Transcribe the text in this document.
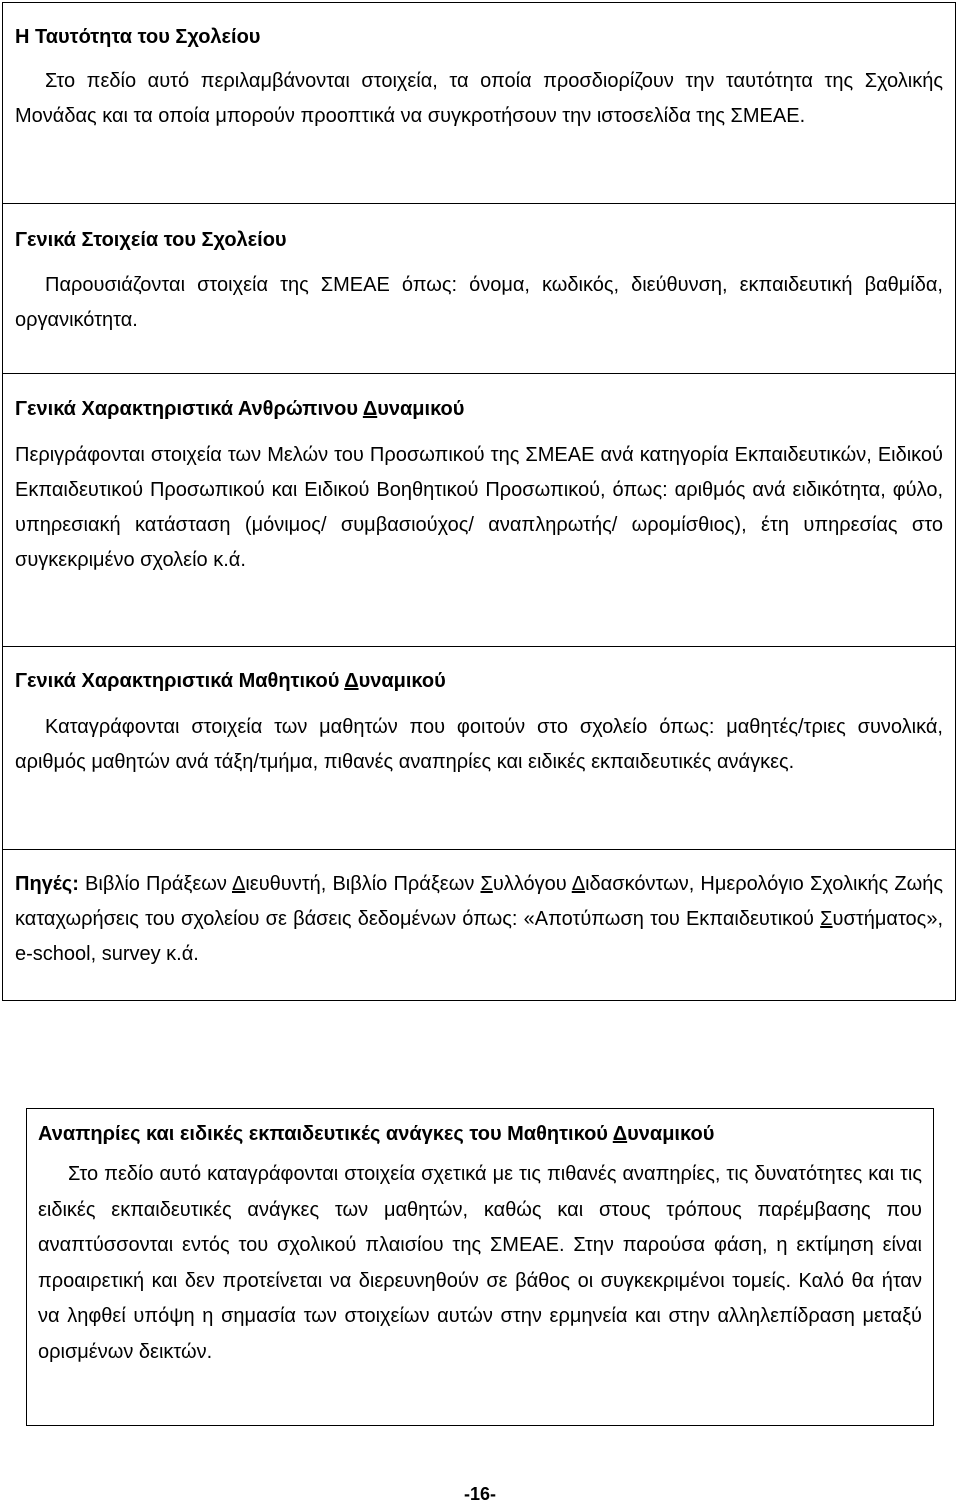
Η Ταυτότητα του Σχολείου
Στο πεδίο αυτό περιλαμβάνονται στοιχεία, τα οποία προσδιορίζουν την ταυτότητα της Σχολικής Μονάδας και τα οποία μπορούν προοπτικά να συγκροτήσουν την ιστοσελίδα της ΣΜΕΑΕ.
Γενικά Στοιχεία του Σχολείου
Παρουσιάζονται στοιχεία της ΣΜΕΑΕ όπως: όνομα, κωδικός, διεύθυνση, εκπαιδευτική βαθμίδα, οργανικότητα.
Γενικά Χαρακτηριστικά Ανθρώπινου Δυναμικού
Περιγράφονται στοιχεία των Μελών του Προσωπικού της ΣΜΕΑΕ ανά κατηγορία Εκπαιδευτικών, Ειδικού Εκπαιδευτικού Προσωπικού και Ειδικού Βοηθητικού Προσωπικού, όπως: αριθμός ανά ειδικότητα, φύλο, υπηρεσιακή κατάσταση (μόνιμος/ συμβασιούχος/ αναπληρωτής/ ωρομίσθιος), έτη υπηρεσίας στο συγκεκριμένο σχολείο κ.ά.
Γενικά Χαρακτηριστικά Μαθητικού Δυναμικού
Καταγράφονται στοιχεία των μαθητών που φοιτούν στο σχολείο όπως: μαθητές/τριες συνολικά, αριθμός μαθητών ανά τάξη/τμήμα, πιθανές αναπηρίες και ειδικές εκπαιδευτικές ανάγκες.
Πηγές: Βιβλίο Πράξεων Διευθυντή, Βιβλίο Πράξεων Συλλόγου Διδασκόντων, Ημερολόγιο Σχολικής Ζωής καταχωρήσεις του σχολείου σε βάσεις δεδομένων όπως: «Αποτύπωση του Εκπαιδευτικού Συστήματος», e-school, survey κ.ά.
Αναπηρίες και ειδικές εκπαιδευτικές ανάγκες του Μαθητικού Δυναμικού
Στο πεδίο αυτό καταγράφονται στοιχεία σχετικά με τις πιθανές αναπηρίες, τις δυνατότητες και τις ειδικές εκπαιδευτικές ανάγκες των μαθητών, καθώς και στους τρόπους παρέμβασης που αναπτύσσονται εντός του σχολικού πλαισίου της ΣΜΕΑΕ. Στην παρούσα φάση, η εκτίμηση είναι προαιρετική και δεν προτείνεται να διερευνηθούν σε βάθος οι συγκεκριμένοι τομείς. Καλό θα ήταν να ληφθεί υπόψη η σημασία των στοιχείων αυτών στην ερμηνεία και στην αλληλεπίδραση μεταξύ ορισμένων δεικτών.
-16-
